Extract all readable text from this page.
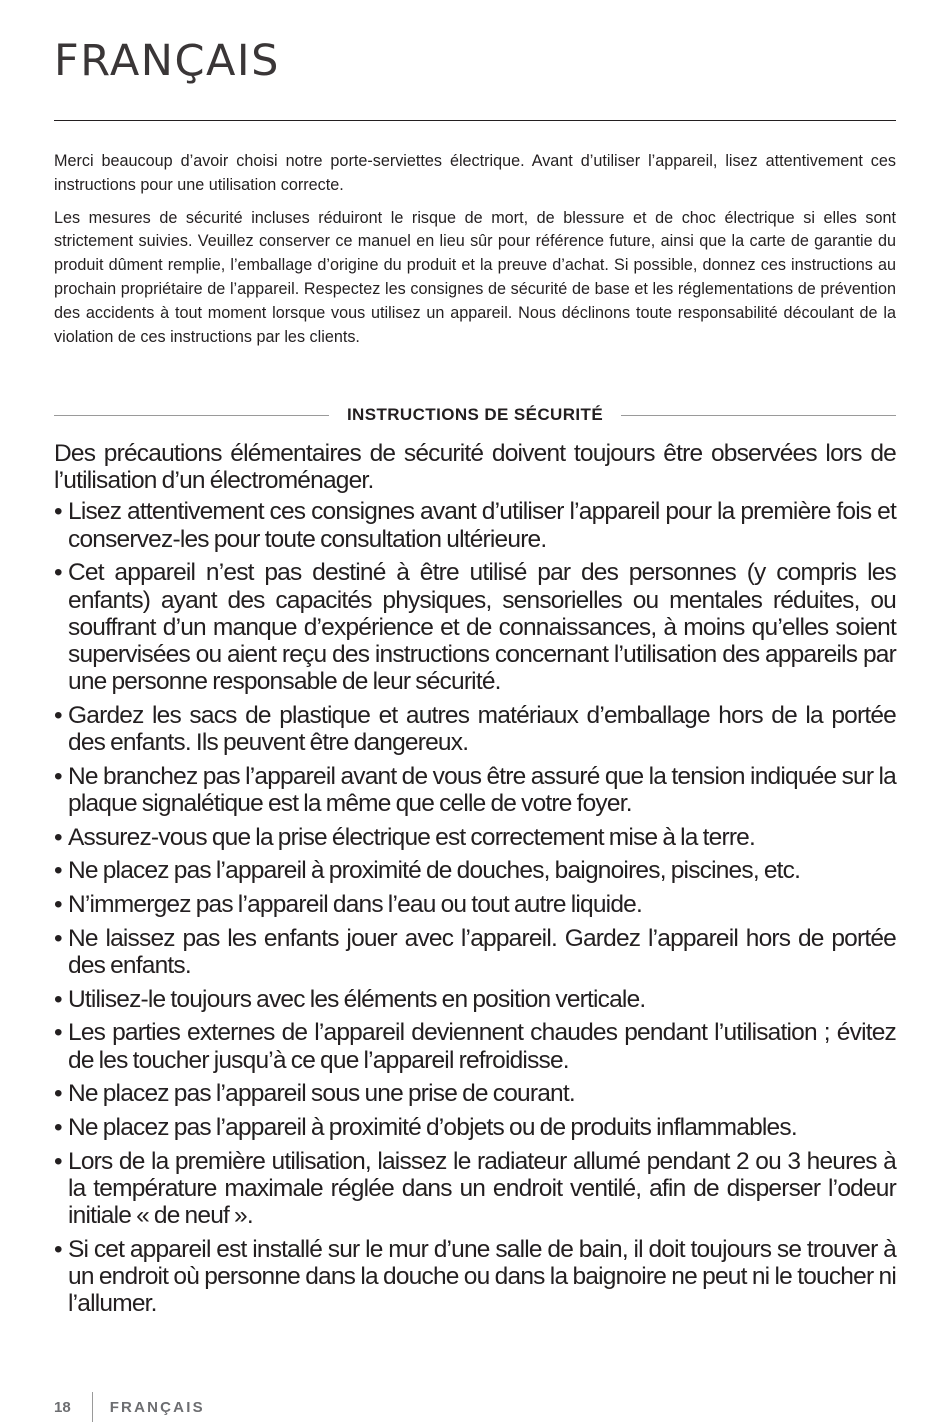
FRANÇAIS

Merci beaucoup d’avoir choisi notre porte-serviettes électrique. Avant d’utiliser l’appareil, lisez attentivement ces instructions pour une utilisation correcte.

Les mesures de sécurité incluses réduiront le risque de mort, de blessure et de choc électrique si elles sont strictement suivies. Veuillez conserver ce manuel en lieu sûr pour référence future, ainsi que la carte de garantie du produit dûment remplie, l’emballage d’origine du produit et la preuve d’achat. Si possible, donnez ces instructions au prochain propriétaire de l’appareil. Respectez les consignes de sécurité de base et les réglementations de prévention des accidents à tout moment lorsque vous utilisez un appareil. Nous déclinons toute responsabilité découlant de la violation de ces instructions par les clients.

INSTRUCTIONS DE SÉCURITÉ

Des précautions élémentaires de sécurité doivent toujours être observées lors de l’utilisation d’un électroménager.

• Lisez attentivement ces consignes avant d’utiliser l’appareil pour la première fois et conservez-les pour toute consultation ultérieure.
• Cet appareil n’est pas destiné à être utilisé par des personnes (y compris les enfants) ayant des capacités physiques, sensorielles ou mentales réduites, ou souffrant d’un manque d’expérience et de connaissances, à moins qu’elles soient supervisées ou aient reçu des instructions concernant l’utilisation des appareils par une personne responsable de leur sécurité.
• Gardez les sacs de plastique et autres matériaux d’emballage hors de la portée des enfants. Ils peuvent être dangereux.
• Ne branchez pas l’appareil avant de vous être assuré que la tension indiquée sur la plaque signalétique est la même que celle de votre foyer.
• Assurez-vous que la prise électrique est correctement mise à la terre.
• Ne placez pas l’appareil à proximité de douches, baignoires, piscines, etc.
• N’immergez pas l’appareil dans l’eau ou tout autre liquide.
• Ne laissez pas les enfants jouer avec l’appareil. Gardez l’appareil hors de portée des enfants.
• Utilisez-le toujours avec les éléments en position verticale.
• Les parties externes de l’appareil deviennent chaudes pendant l’utilisation ; évitez de les toucher jusqu’à ce que l’appareil refroidisse.
• Ne placez pas l’appareil sous une prise de courant.
• Ne placez pas l’appareil à proximité d’objets ou de produits inflammables.
• Lors de la première utilisation, laissez le radiateur allumé pendant 2 ou 3 heures à la température maximale réglée dans un endroit ventilé, afin de disperser l’odeur initiale « de neuf ».
• Si cet appareil est installé sur le mur d’une salle de bain, il doit toujours se trouver à un endroit où personne dans la douche ou dans la baignoire ne peut ni le toucher ni l’allumer.
18	FRANÇAIS
